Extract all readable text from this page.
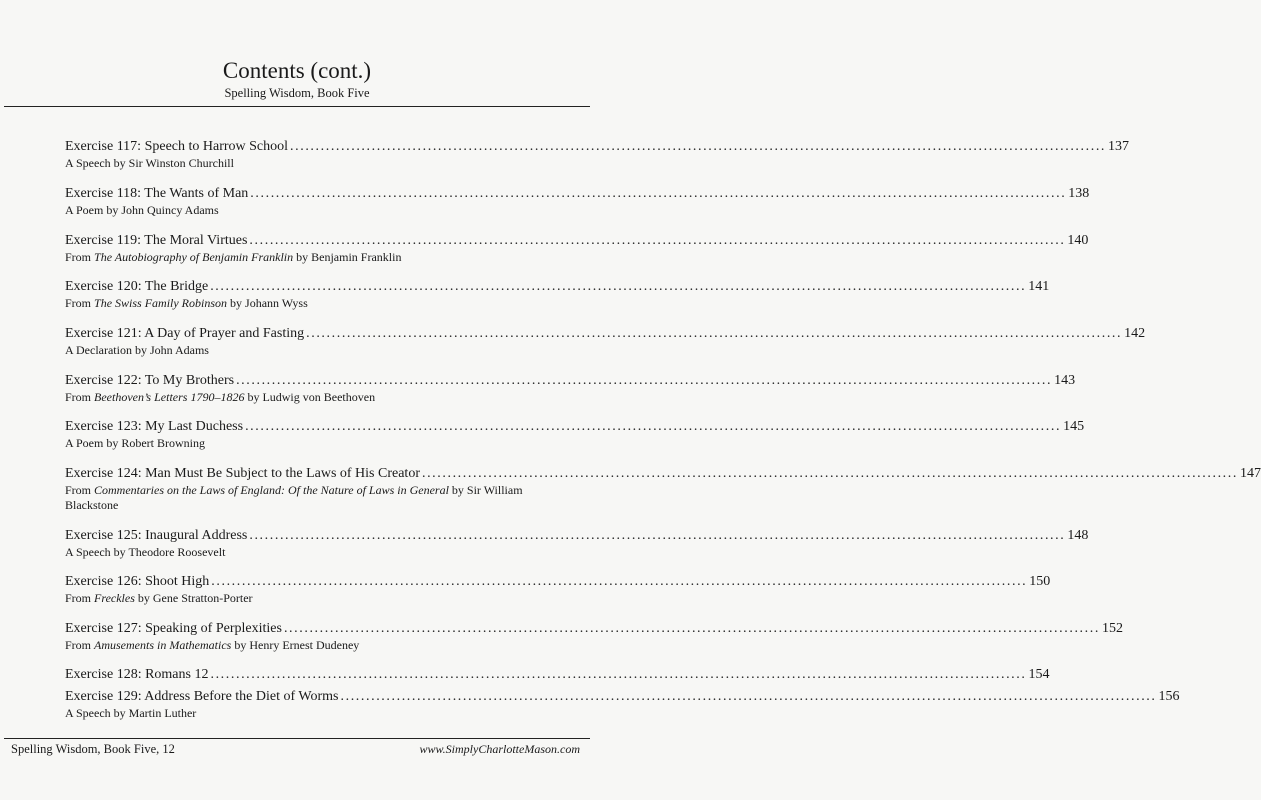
Contents (cont.)
Spelling Wisdom, Book Five
Exercise 117: Speech to Harrow School ................................................................................................................................................................ 137
A Speech by Sir Winston Churchill
Exercise 118: The Wants of Man ................................................................................................................................................................ 138
A Poem by John Quincy Adams
Exercise 119: The Moral Virtues ................................................................................................................................................................ 140
From The Autobiography of Benjamin Franklin by Benjamin Franklin
Exercise 120: The Bridge ................................................................................................................................................................ 141
From The Swiss Family Robinson by Johann Wyss
Exercise 121: A Day of Prayer and Fasting ................................................................................................................................................................ 142
A Declaration by John Adams
Exercise 122: To My Brothers ................................................................................................................................................................ 143
From Beethoven’s Letters 1790–1826 by Ludwig von Beethoven
Exercise 123: My Last Duchess ................................................................................................................................................................ 145
A Poem by Robert Browning
Exercise 124: Man Must Be Subject to the Laws of His Creator ................................................................................................................................................................ 147
From Commentaries on the Laws of England: Of the Nature of Laws in General by Sir William Blackstone
Exercise 125: Inaugural Address ................................................................................................................................................................ 148
A Speech by Theodore Roosevelt
Exercise 126: Shoot High ................................................................................................................................................................ 150
From Freckles by Gene Stratton-Porter
Exercise 127: Speaking of Perplexities ................................................................................................................................................................ 152
From Amusements in Mathematics by Henry Ernest Dudeney
Exercise 128: Romans 12 ................................................................................................................................................................ 154
Exercise 129: Address Before the Diet of Worms ................................................................................................................................................................ 156
A Speech by Martin Luther
Spelling Wisdom, Book Five, 12	www.SimplyCharlotteMason.com
